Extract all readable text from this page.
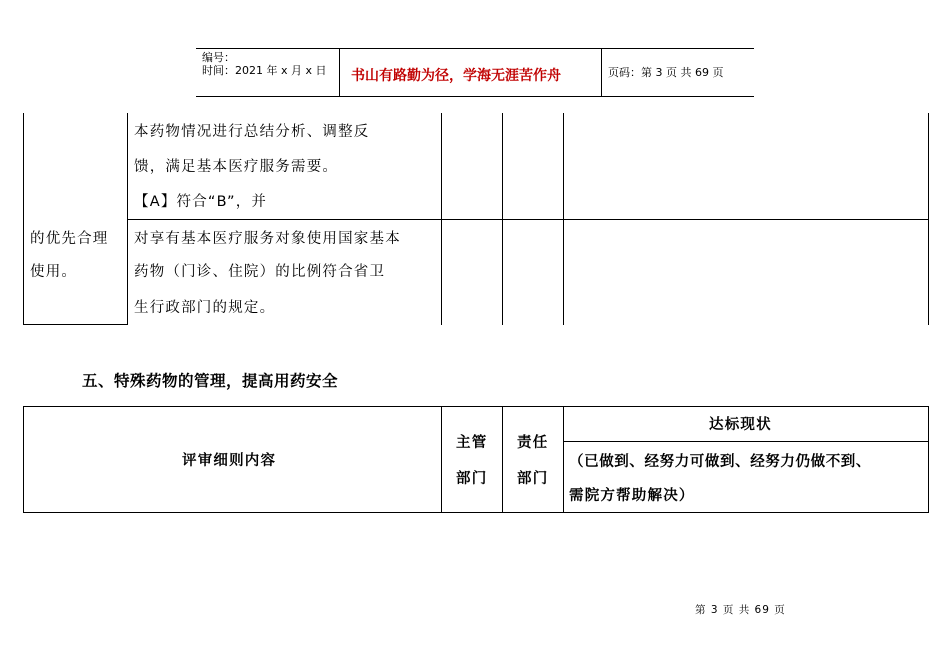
编号：
时间：2021 年 x 月 x 日 书山有路勤为径，学海无涯苦作舟	页码：第 3 页 共 69 页
的优先合理
使用。
本药物情况进行总结分析、调整反
馈，满足基本医疗服务需要。
【A】符合“B”，并
对享有基本医疗服务对象使用国家基本
药物（门诊、住院）的比例符合省卫
生行政部门的规定。
五、特殊药物的管理，提高用药安全
评审细则内容
主管
部门
责任
部门
达标现状
（已做到、经努力可做到、经努力仍做不到、
需院方帮助解决）
第 3 页 共 69 页
